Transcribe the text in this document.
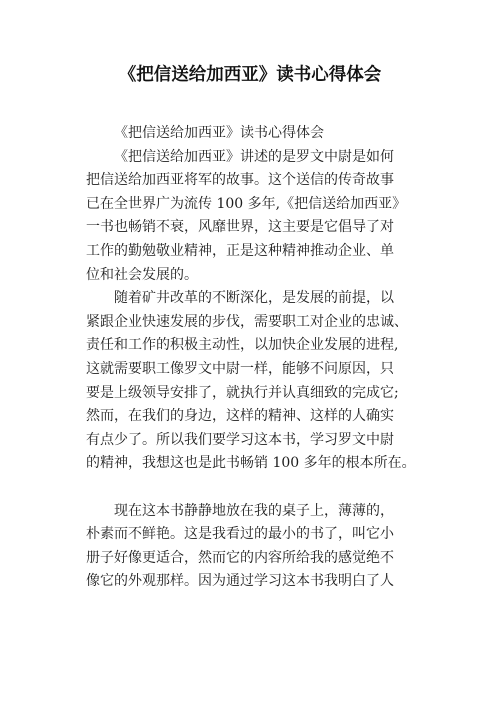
《把信送给加西亚》读书心得体会
《把信送给加西亚》读书心得体会
《把信送给加西亚》讲述的是罗文中尉是如何
把信送给加西亚将军的故事。这个送信的传奇故事
已在全世界广为流传 100 多年,《把信送给加西亚》
一书也畅销不衰，风靡世界，这主要是它倡导了对
工作的勤勉敬业精神，正是这种精神推动企业、单
位和社会发展的。
随着矿井改革的不断深化，是发展的前提，以
紧跟企业快速发展的步伐，需要职工对企业的忠诚、
责任和工作的积极主动性，以加快企业发展的进程,
这就需要职工像罗文中尉一样，能够不问原因，只
要是上级领导安排了，就执行并认真细致的完成它;
然而，在我们的身边，这样的精神、这样的人确实
有点少了。所以我们要学习这本书，学习罗文中尉
的精神，我想这也是此书畅销 100 多年的根本所在。
现在这本书静静地放在我的桌子上，薄薄的，
朴素而不鲜艳。这是我看过的最小的书了，叫它小
册子好像更适合，然而它的内容所给我的感觉绝不
像它的外观那样。因为通过学习这本书我明白了人
